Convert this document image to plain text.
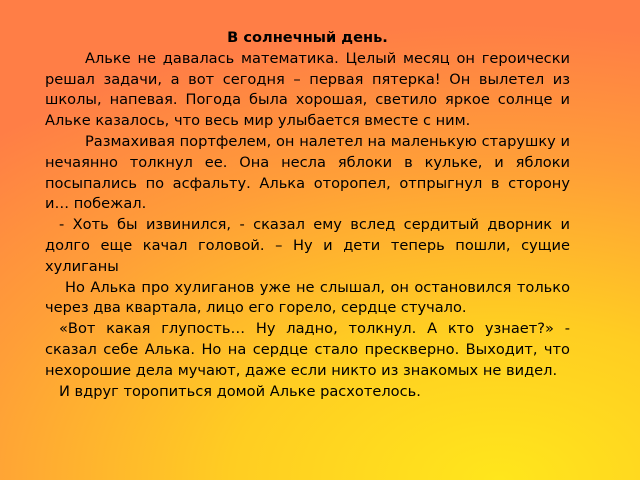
В солнечный день.

Альке не давалась математика. Целый месяц он героически решал задачи, а вот сегодня – первая пятерка! Он вылетел из школы, напевая. Погода была хорошая, светило яркое солнце и Альке казалось, что весь мир улыбается вместе с ним.

Размахивая портфелем, он налетел на маленькую старушку и нечаянно толкнул ее. Она несла яблоки в кульке, и яблоки посыпались по асфальту. Алька оторопел, отпрыгнул в сторону и… побежал.

- Хоть бы извинился, - сказал ему вслед сердитый дворник и долго еще качал головой. – Ну и дети теперь пошли, сущие хулиганы

Но Алька про хулиганов уже не слышал, он остановился только через два квартала, лицо его горело, сердце стучало.

«Вот какая глупость… Ну ладно, толкнул. А кто узнает?» - сказал себе Алька. Но на сердце стало прескверно. Выходит, что нехорошие дела мучают, даже если никто из знакомых не видел.

И вдруг торопиться домой Альке расхотелось.
